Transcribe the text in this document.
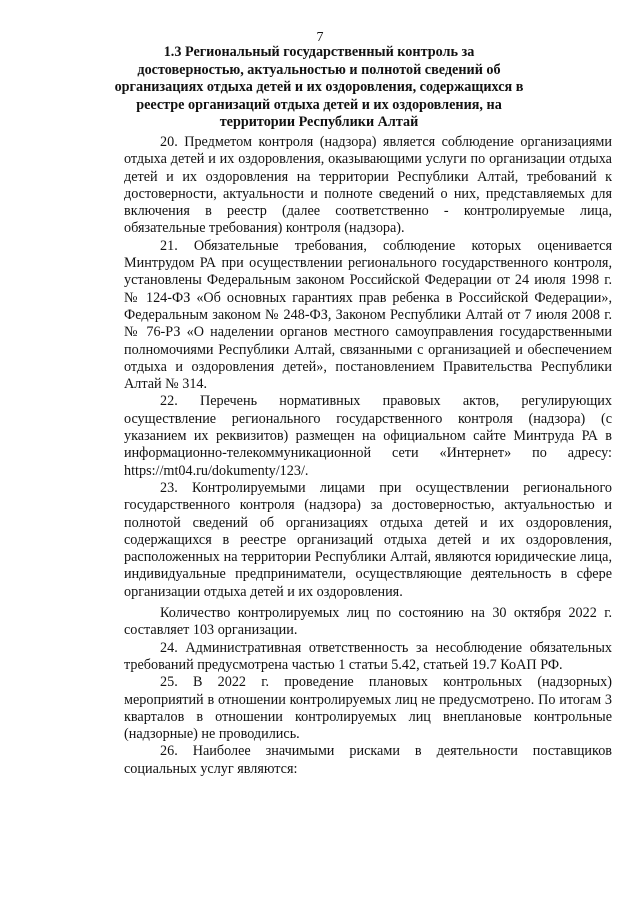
7
1.3 Региональный государственный контроль за достоверностью, актуальностью и полнотой сведений об организациях отдыха детей и их оздоровления, содержащихся в реестре организаций отдыха детей и их оздоровления, на территории Республики Алтай

20. Предметом контроля (надзора) является соблюдение организациями отдыха детей и их оздоровления, оказывающими услуги по организации отдыха детей и их оздоровления на территории Республики Алтай, требований к достоверности, актуальности и полноте сведений о них, представляемых для включения в реестр (далее соответственно - контролируемые лица, обязательные требования) контроля (надзора).

21. Обязательные требования, соблюдение которых оценивается Минтрудом РА при осуществлении регионального государственного контроля, установлены Федеральным законом Российской Федерации от 24 июля 1998 г. № 124-ФЗ «Об основных гарантиях прав ребенка в Российской Федерации», Федеральным законом № 248-ФЗ, Законом Республики Алтай от 7 июля 2008 г. № 76-РЗ «О наделении органов местного самоуправления государственными полномочиями Республики Алтай, связанными с организацией и обеспечением отдыха и оздоровления детей», постановлением Правительства Республики Алтай № 314.

22. Перечень нормативных правовых актов, регулирующих осуществление регионального государственного контроля (надзора) (с указанием их реквизитов) размещен на официальном сайте Минтруда РА в информационно-телекоммуникационной сети «Интернет» по адресу: https://mt04.ru/dokumenty/123/.

23. Контролируемыми лицами при осуществлении регионального государственного контроля (надзора) за достоверностью, актуальностью и полнотой сведений об организациях отдыха детей и их оздоровления, содержащихся в реестре организаций отдыха детей и их оздоровления, расположенных на территории Республики Алтай, являются юридические лица, индивидуальные предприниматели, осуществляющие деятельность в сфере организации отдыха детей и их оздоровления.

Количество контролируемых лиц по состоянию на 30 октября 2022 г. составляет 103 организации.

24. Административная ответственность за несоблюдение обязательных требований предусмотрена частью 1 статьи 5.42, статьей 19.7 КоАП РФ.

25. В 2022 г. проведение плановых контрольных (надзорных) мероприятий в отношении контролируемых лиц не предусмотрено. По итогам 3 кварталов в отношении контролируемых лиц внеплановые контрольные (надзорные) не проводились.

26. Наиболее значимыми рисками в деятельности поставщиков социальных услуг являются:
